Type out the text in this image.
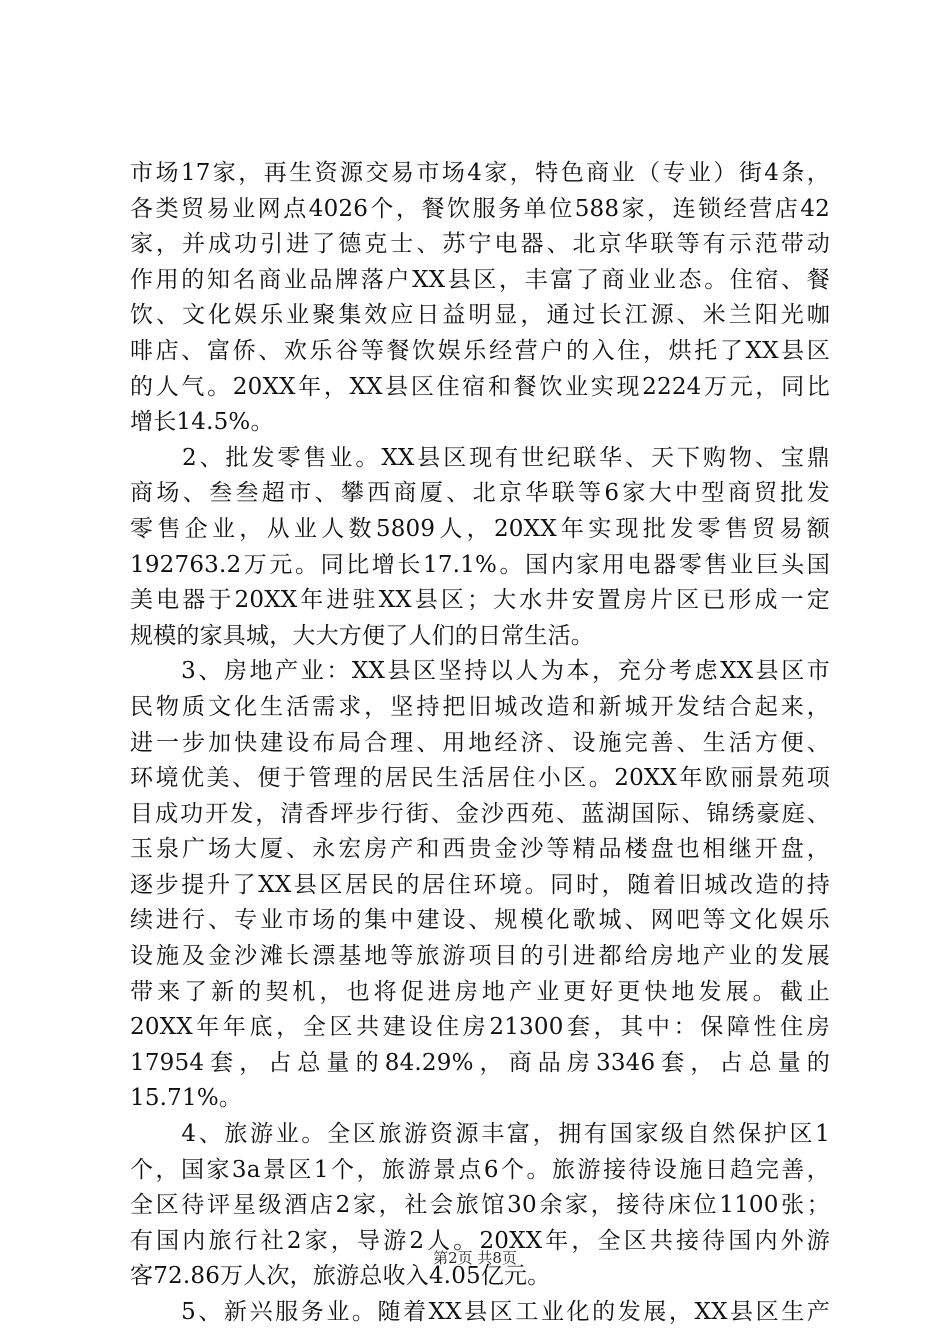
市场17家，再生资源交易市场4家，特色商业（专业）街4条，
各类贸易业网点4026个，餐饮服务单位588家，连锁经营店42
家，并成功引进了德克士、苏宁电器、北京华联等有示范带动
作用的知名商业品牌落户XX县区，丰富了商业业态。住宿、餐
饮、文化娱乐业聚集效应日益明显，通过长江源、米兰阳光咖
啡店、富侨、欢乐谷等餐饮娱乐经营户的入住，烘托了XX县区
的人气。20XX年，XX县区住宿和餐饮业实现2224万元，同比
增长14.5%。
　　2、批发零售业。XX县区现有世纪联华、天下购物、宝鼎
商场、叁叁超市、攀西商厦、北京华联等6家大中型商贸批发
零售企业，从业人数5809人，20XX年实现批发零售贸易额
192763.2万元。同比增长17.1%。国内家用电器零售业巨头国
美电器于20XX年进驻XX县区；大水井安置房片区已形成一定
规模的家具城，大大方便了人们的日常生活。
　　3、房地产业：XX县区坚持以人为本，充分考虑XX县区市
民物质文化生活需求，坚持把旧城改造和新城开发结合起来，
进一步加快建设布局合理、用地经济、设施完善、生活方便、
环境优美、便于管理的居民生活居住小区。20XX年欧丽景苑项
目成功开发，清香坪步行街、金沙西苑、蓝湖国际、锦绣豪庭、
玉泉广场大厦、永宏房产和西贵金沙等精品楼盘也相继开盘，
逐步提升了XX县区居民的居住环境。同时，随着旧城改造的持
续进行、专业市场的集中建设、规模化歌城、网吧等文化娱乐
设施及金沙滩长漂基地等旅游项目的引进都给房地产业的发展
带来了新的契机，也将促进房地产业更好更快地发展。截止
20XX年年底，全区共建设住房21300套，其中：保障性住房
17954套，占总量的84.29%，商品房3346套，占总量的
15.71%。
　　4、旅游业。全区旅游资源丰富，拥有国家级自然保护区1
个，国家3a景区1个，旅游景点6个。旅游接待设施日趋完善，
全区待评星级酒店2家，社会旅馆30余家，接待床位1100张；
有国内旅行社2家，导游2人。20XX年，全区共接待国内外游
客72.86万人次，旅游总收入4.05亿元。
　　5、新兴服务业。随着XX县区工业化的发展，XX县区生产
第2页 共8页
